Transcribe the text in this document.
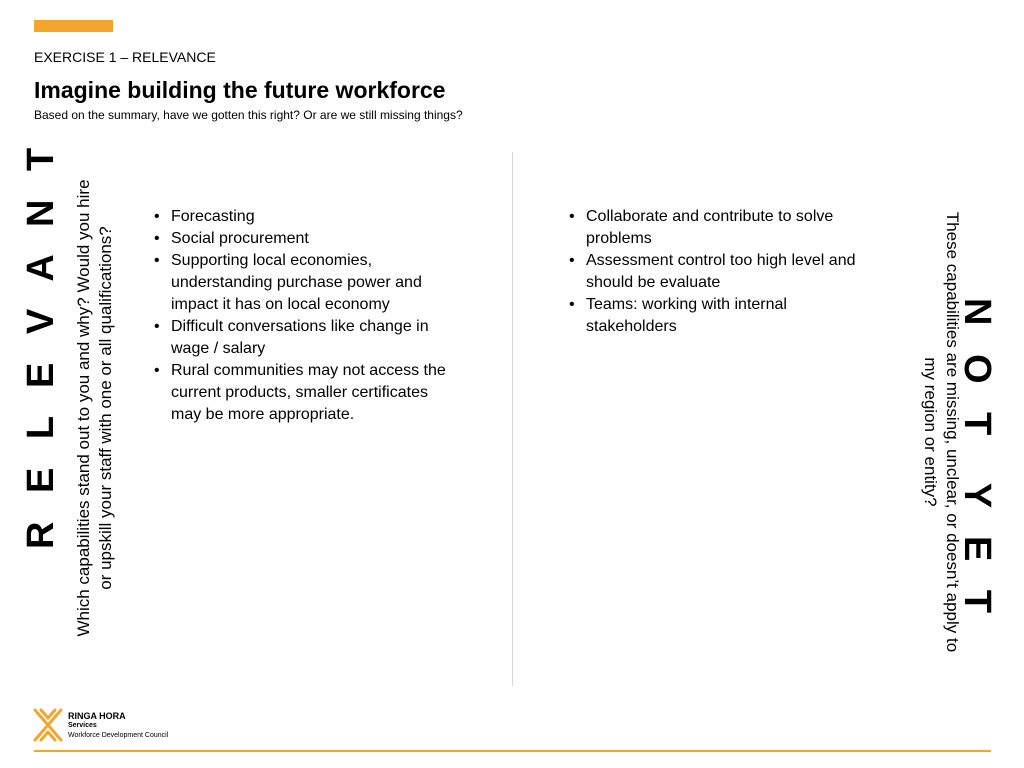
EXERCISE 1 – RELEVANCE
Imagine building the future workforce
Based on the summary, have we gotten this right? Or are we still missing things?
R E L E V A N T Which capabilities stand out to you and why? Would you hire or upskill your staff with one or all qualifications?
• Forecasting
• Social procurement
• Supporting local economies, understanding purchase power and impact it has on local economy
• Difficult conversations like change in wage / salary
• Rural communities may not access the current products, smaller certificates may be more appropriate.
• Collaborate and contribute to solve problems
• Assessment control too high level and should be evaluate
• Teams: working with internal stakeholders	N O T  Y E T
These capabilities are missing, unclear, or doesn’t apply to
my region or entity?
RINGA HORA
Services
Workforce Development Council
